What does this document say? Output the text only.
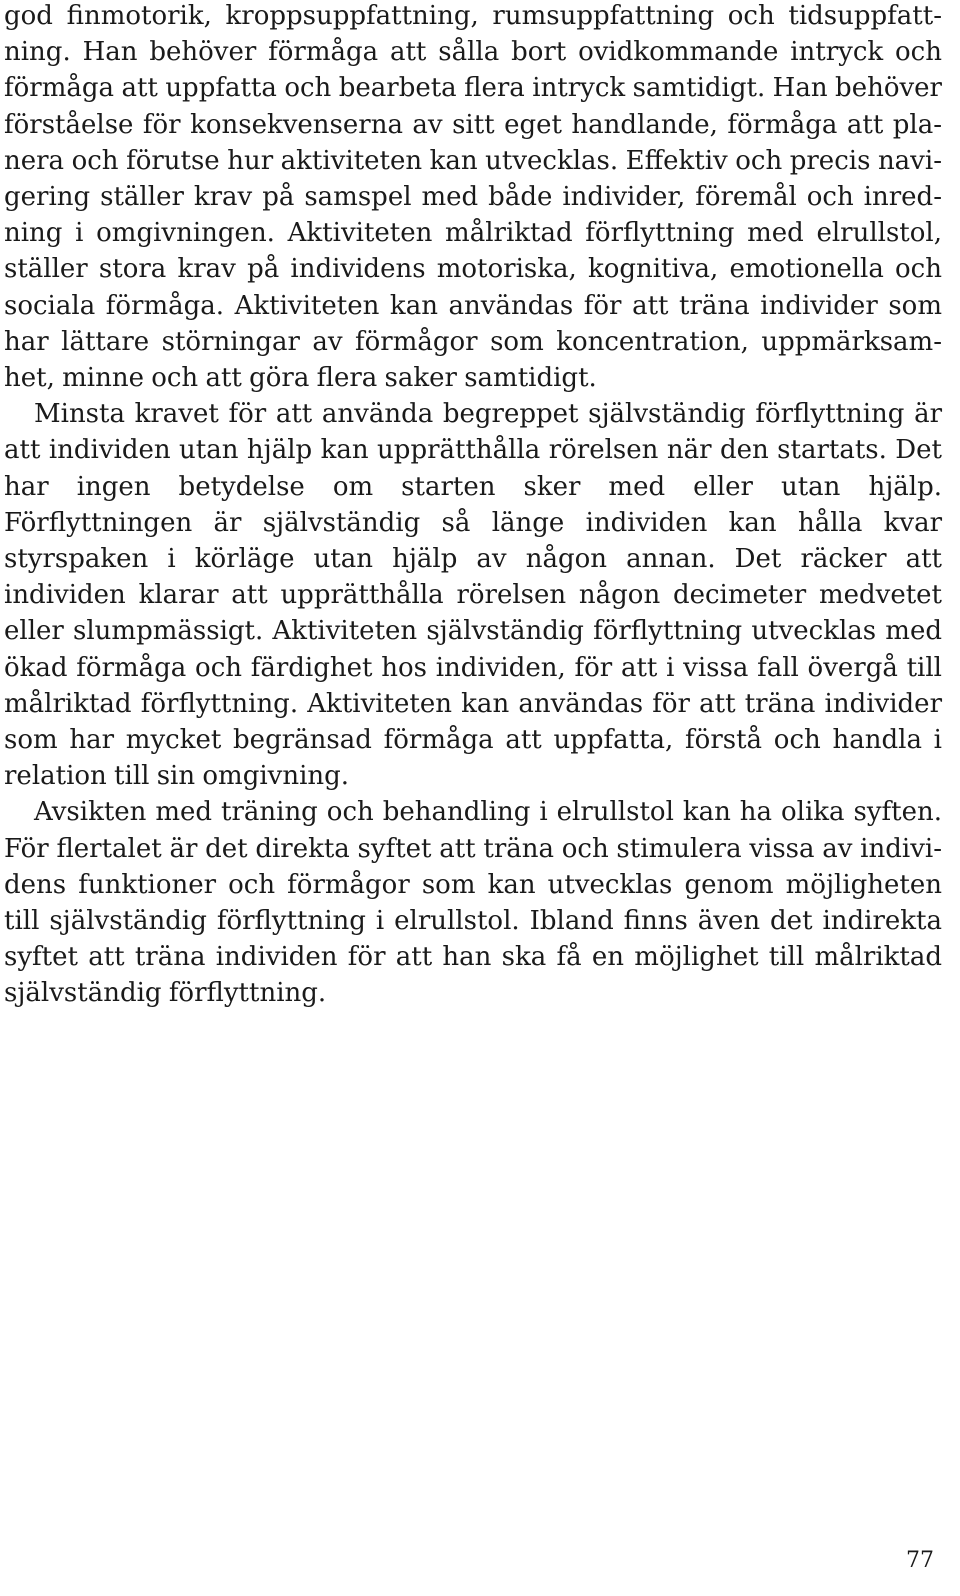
god finmotorik, kroppsuppfattning, rumsuppfattning och tidsuppfattning. Han behöver förmåga att sålla bort ovidkommande intryck och förmåga att uppfatta och bearbeta flera intryck samtidigt. Han behöver förståelse för konsekvenserna av sitt eget handlande, förmåga att planera och förutse hur aktiviteten kan utvecklas. Effektiv och precis navigering ställer krav på samspel med både individer, föremål och inredning i omgivningen. Aktiviteten målriktad förflyttning med elrullstol, ställer stora krav på individens motoriska, kognitiva, emotionella och sociala förmåga. Aktiviteten kan användas för att träna individer som har lättare störningar av förmågor som koncentration, uppmärksamhet, minne och att göra flera saker samtidigt.

Minsta kravet för att använda begreppet självständig förflyttning är att individen utan hjälp kan upprätthålla rörelsen när den startats. Det har ingen betydelse om starten sker med eller utan hjälp. Förflyttningen är självständig så länge individen kan hålla kvar styrspaken i körläge utan hjälp av någon annan. Det räcker att individen klarar att upprätthålla rörelsen någon decimeter medvetet eller slumpmässigt. Aktiviteten självständig förflyttning utvecklas med ökad förmåga och färdighet hos individen, för att i vissa fall övergå till målriktad förflyttning. Aktiviteten kan användas för att träna individer som har mycket begränsad förmåga att uppfatta, förstå och handla i relation till sin omgivning.

Avsikten med träning och behandling i elrullstol kan ha olika syften. För flertalet är det direkta syftet att träna och stimulera vissa av individens funktioner och förmågor som kan utvecklas genom möjligheten till självständig förflyttning i elrullstol. Ibland finns även det indirekta syftet att träna individen för att han ska få en möjlighet till målriktad självständig förflyttning.

77
